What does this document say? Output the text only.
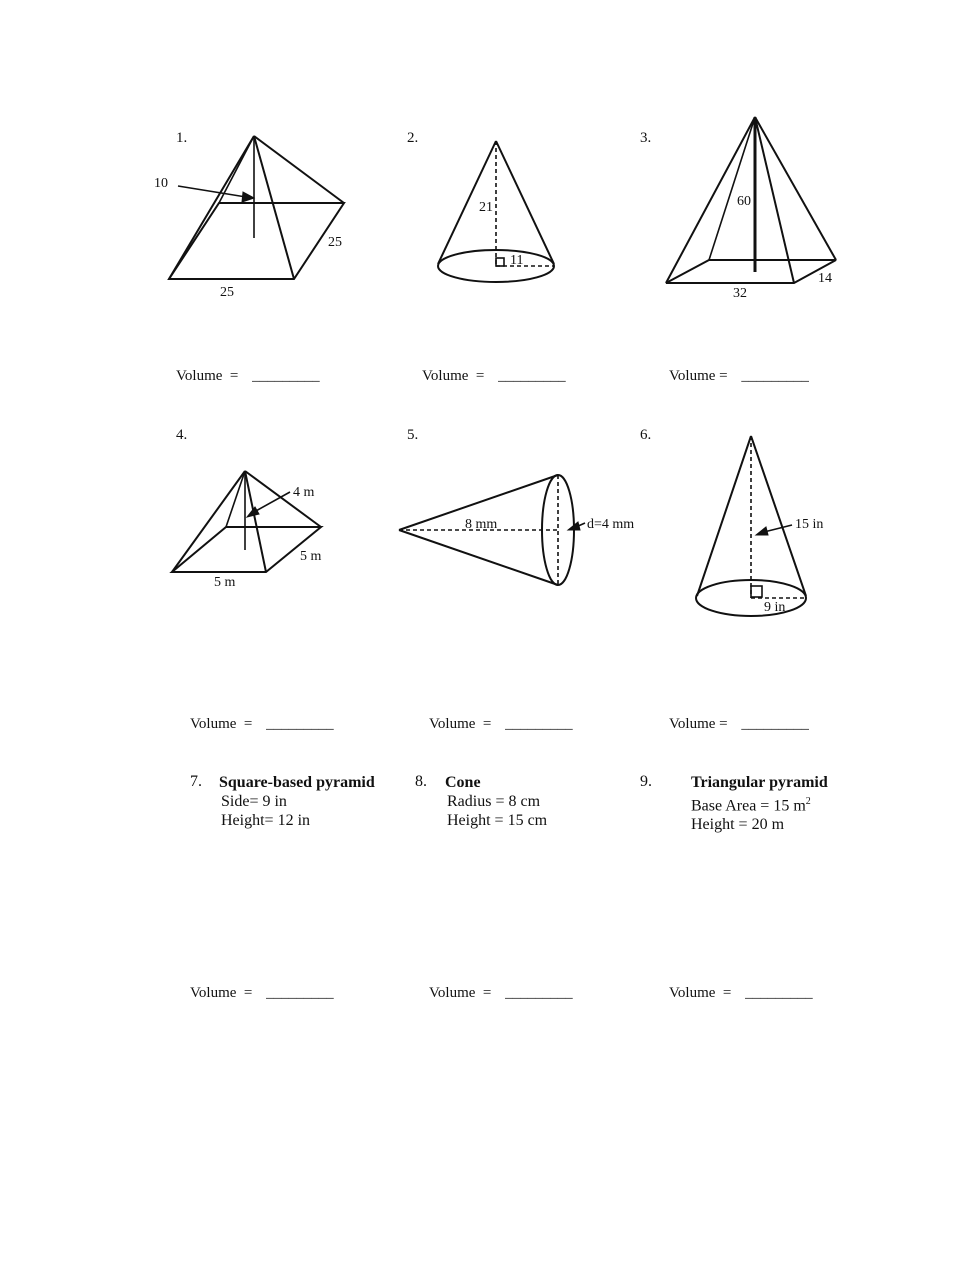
1.	2.	3.
10
25
25
21
11
60
14
32
Volume = _________	Volume = _________	Volume = _________
4.	5.	6.
4 m
5 m
5 m
8 mm	d=4 mm	15 in
9 in
Volume = _________	Volume = _________	Volume = _________
7. Square-based pyramid
Side= 9 in
Height= 12 in
8. Cone
Radius = 8 cm
Height = 15 cm
9. Triangular pyramid
Base Area = 15 $m^2$
Height = 20 m
Volume = _________	Volume = _________	Volume = _________
